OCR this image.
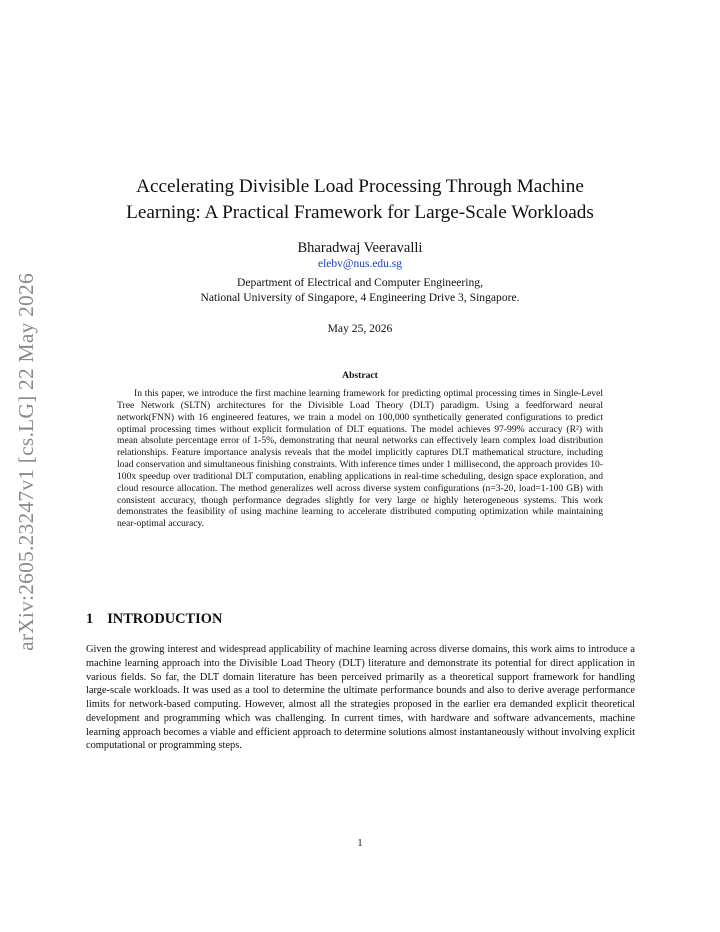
arXiv:2605.23247v1 [cs.LG] 22 May 2026
Accelerating Divisible Load Processing Through Machine Learning: A Practical Framework for Large-Scale Workloads
Bharadwaj Veeravalli
elebv@nus.edu.sg
Department of Electrical and Computer Engineering,
National University of Singapore, 4 Engineering Drive 3, Singapore.
May 25, 2026
Abstract
In this paper, we introduce the first machine learning framework for predicting optimal processing times in Single-Level Tree Network (SLTN) architectures for the Divisible Load Theory (DLT) paradigm. Using a feedforward neural network(FNN) with 16 engineered features, we train a model on 100,000 synthetically generated configurations to predict optimal processing times without explicit formulation of DLT equations. The model achieves 97-99% accuracy (R²) with mean absolute percentage error of 1-5%, demonstrating that neural networks can effectively learn complex load distribution relationships. Feature importance analysis reveals that the model implicitly captures DLT mathematical structure, including load conservation and simultaneous finishing constraints. With inference times under 1 millisecond, the approach provides 10-100x speedup over traditional DLT computation, enabling applications in real-time scheduling, design space exploration, and cloud resource allocation. The method generalizes well across diverse system configurations (n=3-20, load=1-100 GB) with consistent accuracy, though performance degrades slightly for very large or highly heterogeneous systems. This work demonstrates the feasibility of using machine learning to accelerate distributed computing optimization while maintaining near-optimal accuracy.
1 INTRODUCTION
Given the growing interest and widespread applicability of machine learning across diverse domains, this work aims to introduce a machine learning approach into the Divisible Load Theory (DLT) literature and demonstrate its potential for direct application in various fields. So far, the DLT domain literature has been perceived primarily as a theoretical support framework for handling large-scale workloads. It was used as a tool to determine the ultimate performance bounds and also to derive average performance limits for network-based computing. However, almost all the strategies proposed in the earlier era demanded explicit theoretical development and programming which was challenging. In current times, with hardware and software advancements, machine learning approach becomes a viable and efficient approach to determine solutions almost instantaneously without involving explicit computational or programming steps.
1
